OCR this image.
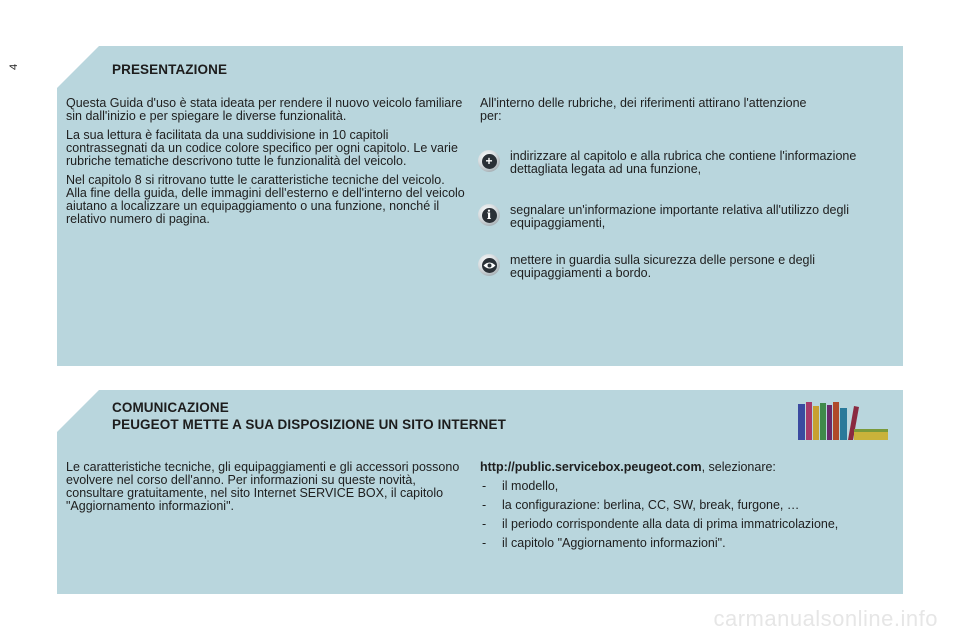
4	PRESENTAZIONE

Questa Guida d'uso è stata ideata per rendere il nuovo veicolo familiare sin dall'inizio e per spiegare le diverse funzionalità.

La sua lettura è facilitata da una suddivisione in 10 capitoli contrassegnati da un codice colore specifico per ogni capitolo. Le varie rubriche tematiche descrivono tutte le funzionalità del veicolo.

Nel capitolo 8 si ritrovano tutte le caratteristiche tecniche del veicolo. Alla fine della guida, delle immagini dell'esterno e dell'interno del veicolo aiutano a localizzare un equipaggiamento o una funzione, nonché il relativo numero di pagina.

All'interno delle rubriche, dei riferimenti attirano l'attenzione per:
+	indirizzare al capitolo e alla rubrica che contiene l'informazione dettagliata legata ad una funzione,
i	segnalare un'informazione importante relativa all'utilizzo degli equipaggiamenti,
mettere in guardia sulla sicurezza delle persone e degli equipaggiamenti a bordo.
COMUNICAZIONE
PEUGEOT METTE A SUA DISPOSIZIONE UN SITO INTERNET
Le caratteristiche tecniche, gli equipaggiamenti e gli accessori possono evolvere nel corso dell'anno. Per informazioni su queste novità, consultare gratuitamente, nel sito Internet SERVICE BOX, il capitolo "Aggiornamento informazioni".

http://public.servicebox.peugeot.com, selezionare:

- il modello,
- la configurazione: berlina, CC, SW, break, furgone, …
- il periodo corrispondente alla data di prima immatricolazione,
- il capitolo "Aggiornamento informazioni".
carmanualsonline.info
